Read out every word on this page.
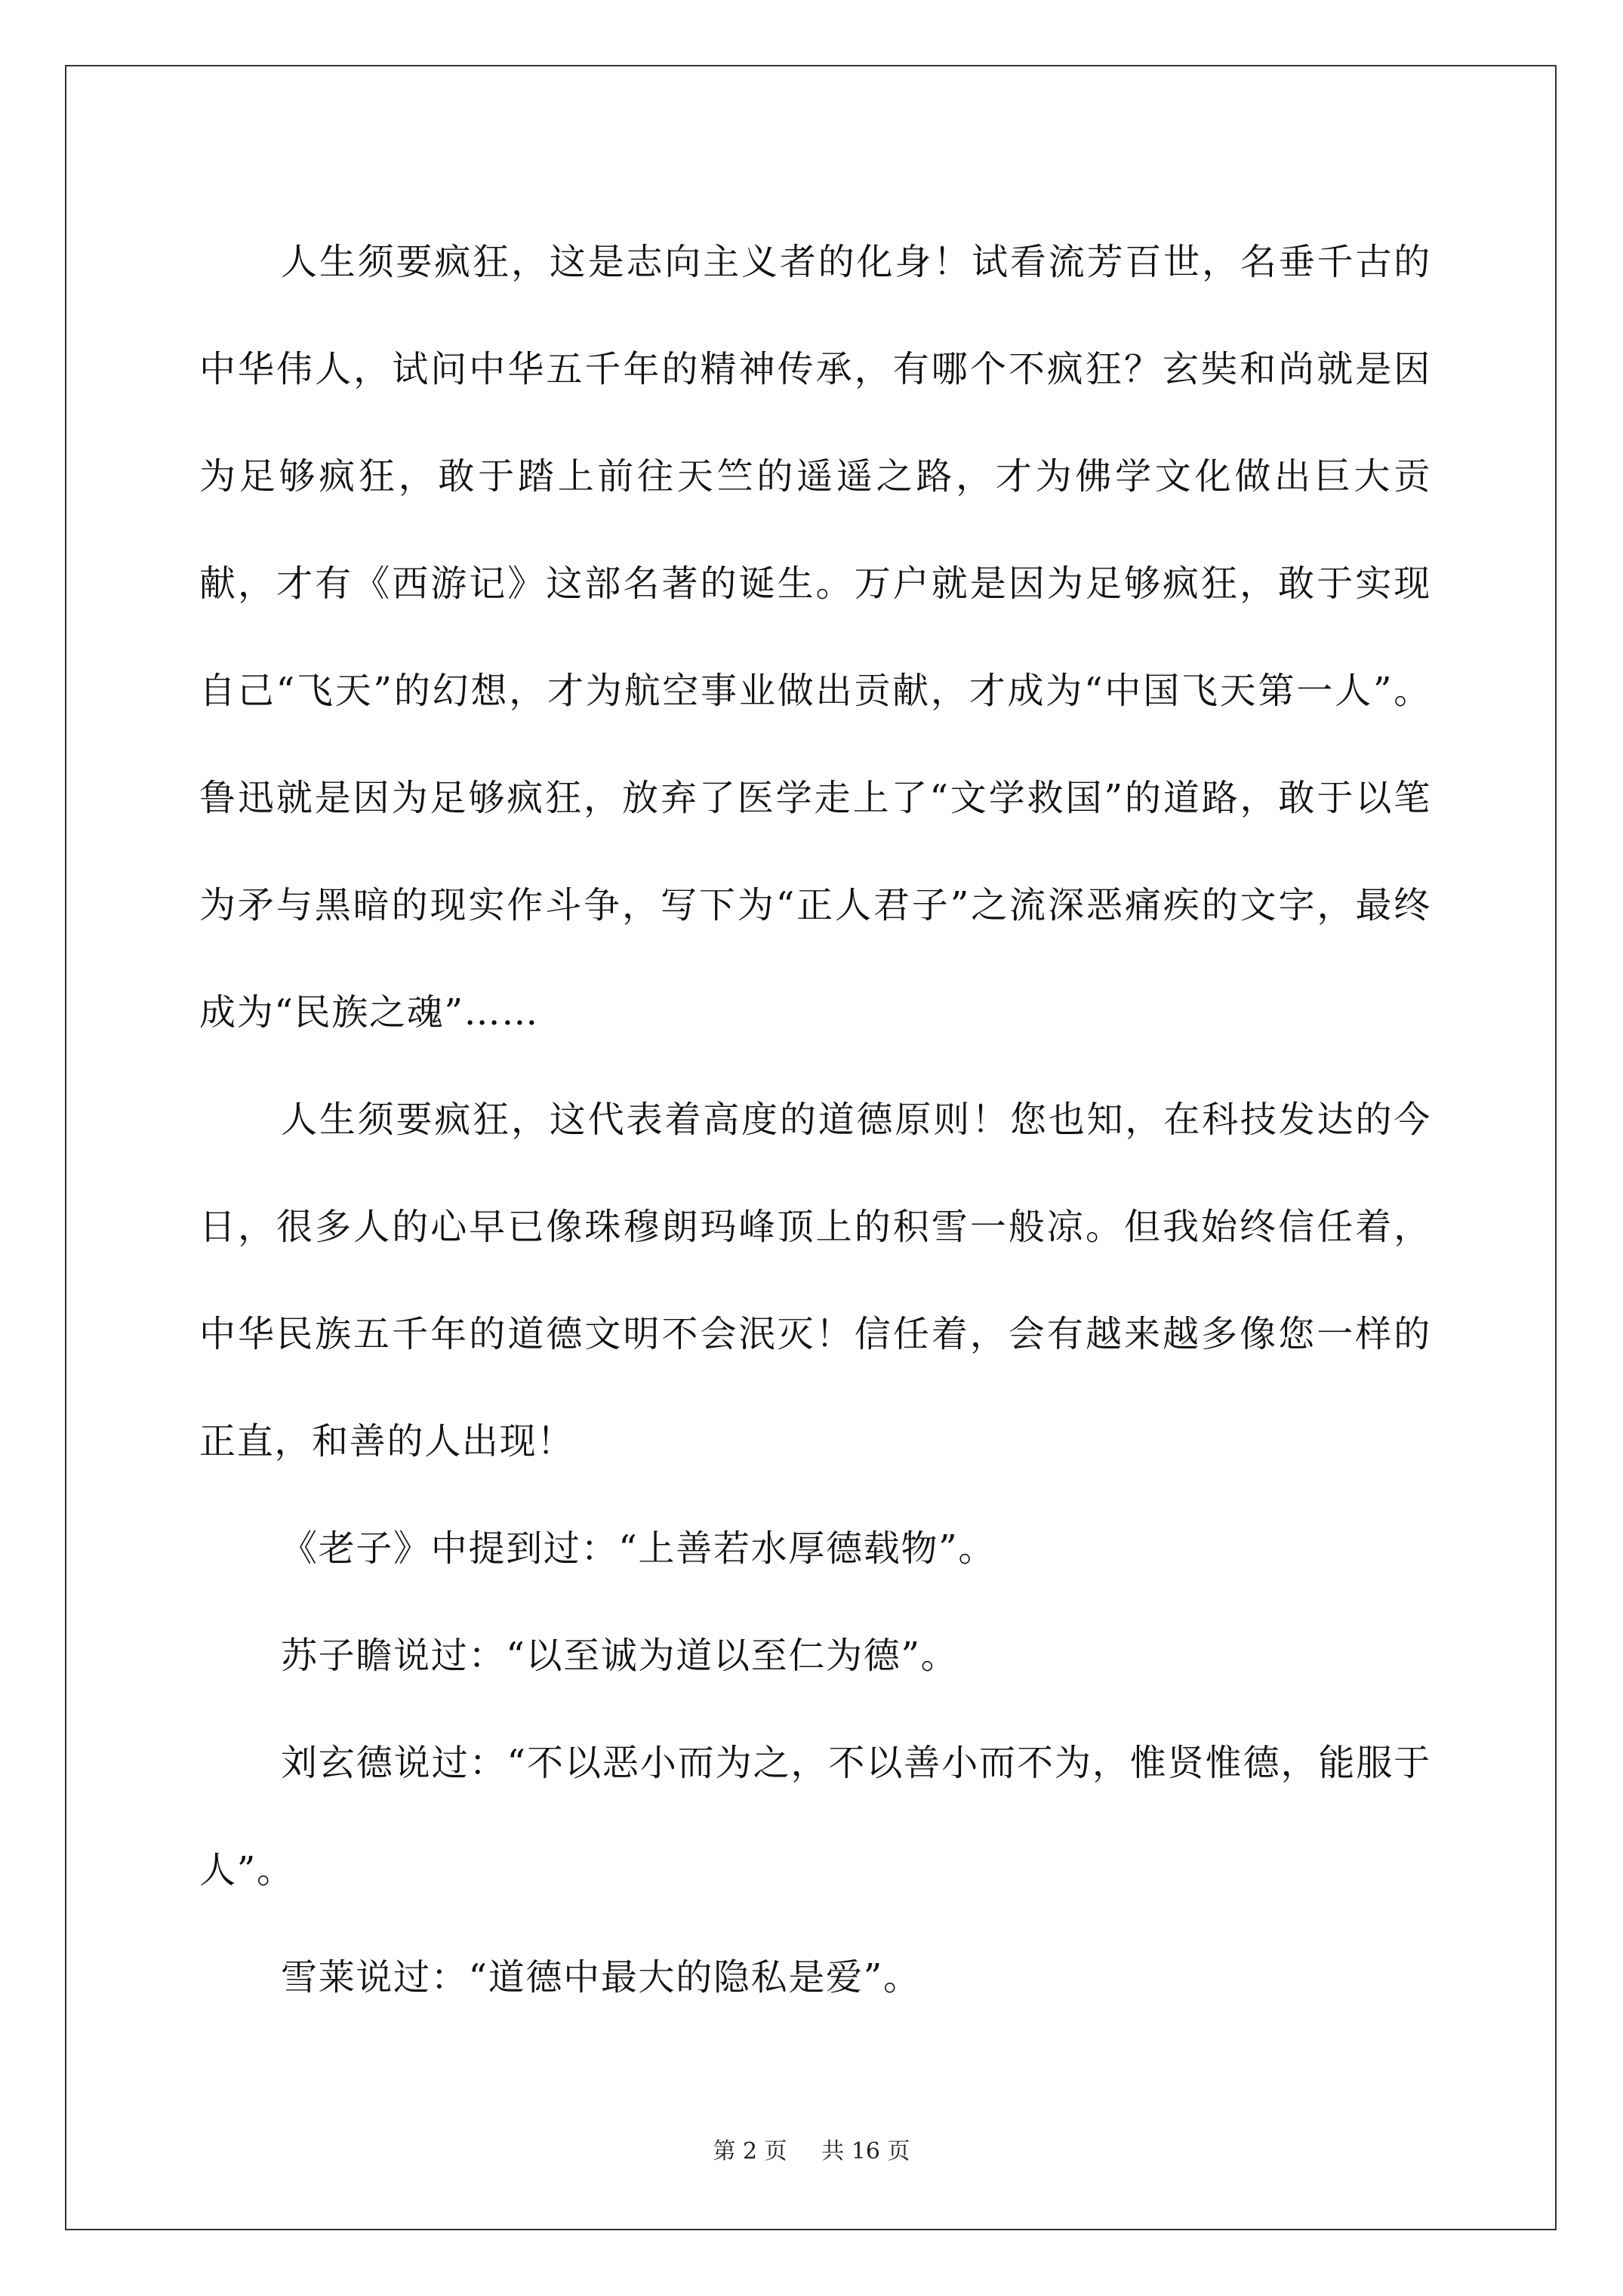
人生须要疯狂，这是志向主义者的化身！试看流芳百世，名垂千古的中华伟人，试问中华五千年的精神传承，有哪个不疯狂？玄奘和尚就是因为足够疯狂，敢于踏上前往天竺的遥遥之路，才为佛学文化做出巨大贡献，才有《西游记》这部名著的诞生。万户就是因为足够疯狂，敢于实现自己“飞天”的幻想，才为航空事业做出贡献，才成为“中国飞天第一人”。鲁迅就是因为足够疯狂，放弃了医学走上了“文学救国”的道路，敢于以笔为矛与黑暗的现实作斗争，写下为“正人君子”之流深恶痛疾的文字，最终成为“民族之魂”……

人生须要疯狂，这代表着高度的道德原则！您也知，在科技发达的今日，很多人的心早已像珠穆朗玛峰顶上的积雪一般凉。但我始终信任着，中华民族五千年的道德文明不会泯灭！信任着，会有越来越多像您一样的正直，和善的人出现！

《老子》中提到过：“上善若水厚德载物”。

苏子瞻说过：“以至诚为道以至仁为德”。

刘玄德说过：“不以恶小而为之，不以善小而不为，惟贤惟德，能服于人”。

雪莱说过：“道德中最大的隐私是爱”。

第 2 页 共 16 页
